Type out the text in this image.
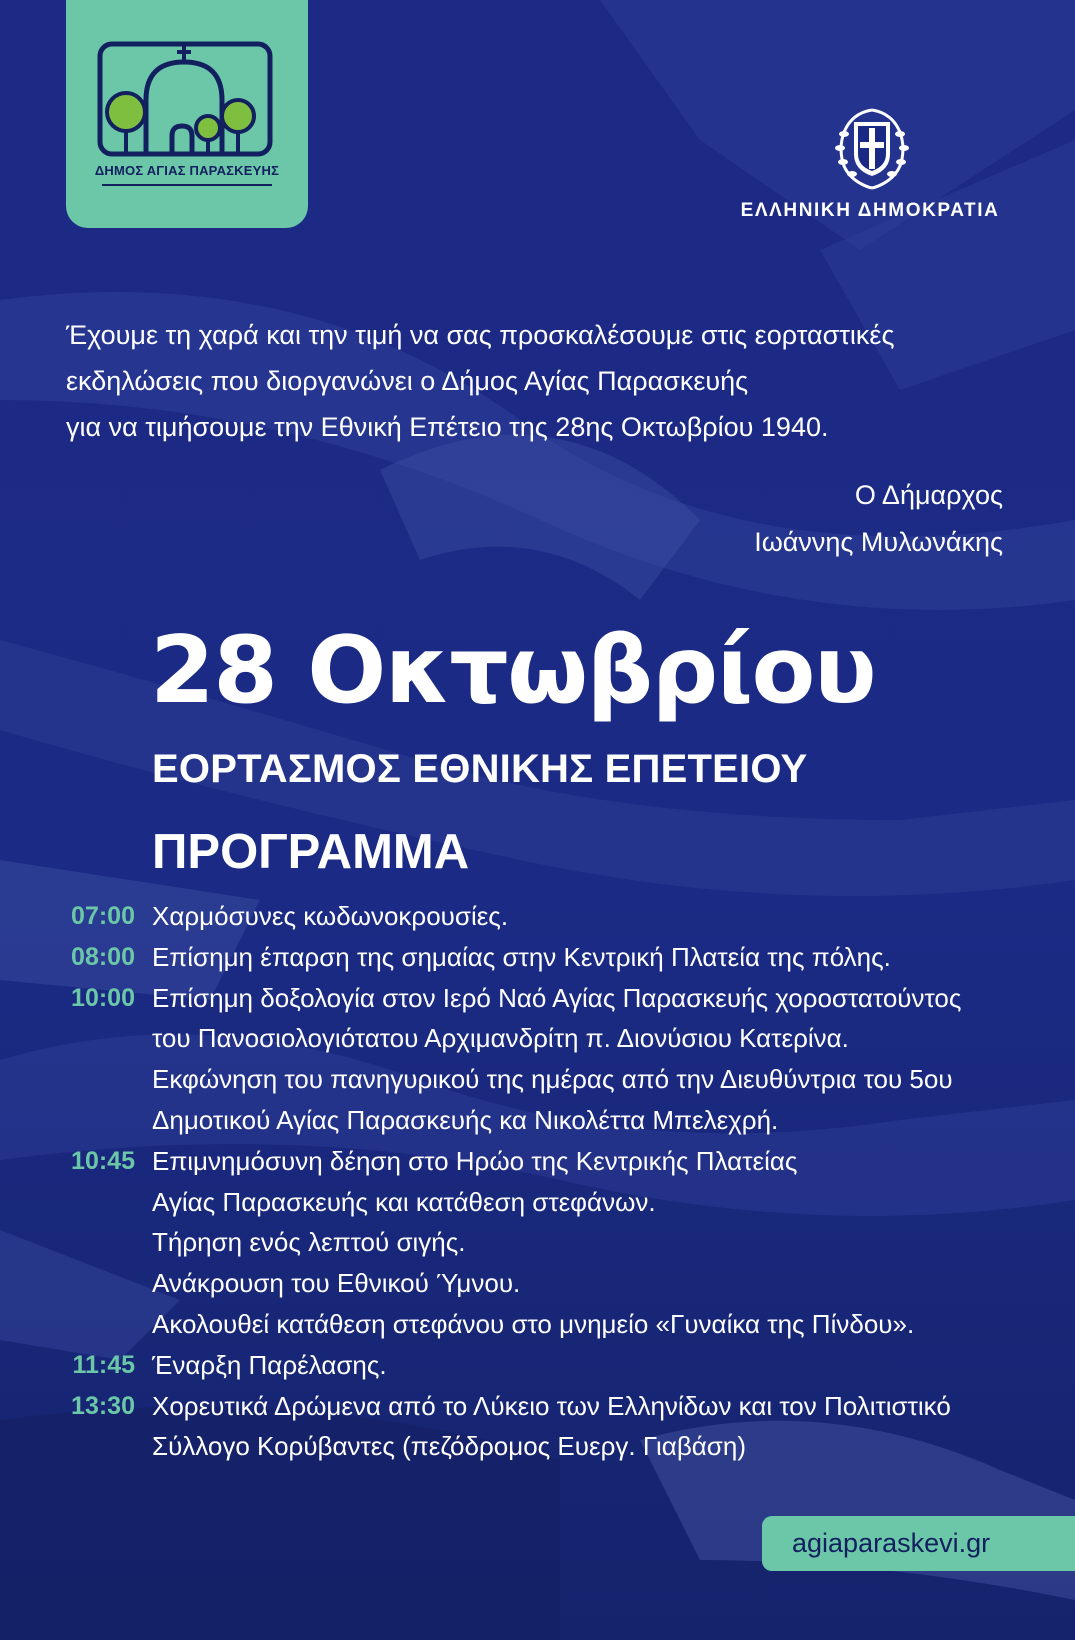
ΔΗΜΟΣ ΑΓΙΑΣ ΠΑΡΑΣΚΕΥΗΣ
ΕΛΛΗΝΙΚΗ ΔΗΜΟΚΡΑΤΙΑ
Έχουμε τη χαρά και την τιμή να σας προσκαλέσουμε στις εορταστικές
εκδηλώσεις που διοργανώνει ο Δήμος Αγίας Παρασκευής
για να τιμήσουμε την Εθνική Επέτειο της 28ης Οκτωβρίου 1940.
Ο Δήμαρχος
Ιωάννης Μυλωνάκης
28 Οκτωβρίου
ΕΟΡΤΑΣΜΟΣ ΕΘΝΙΚΗΣ ΕΠΕΤΕΙΟΥ
ΠΡΟΓΡΑΜΜΑ
07:00 Χαρμόσυνες κωδωνοκρουσίες.
08:00 Επίσημη έπαρση της σημαίας στην Κεντρική Πλατεία της πόλης.
10:00 Επίσημη δοξολογία στον Ιερό Ναό Αγίας Παρασκευής χοροστατούντος
του Πανοσιολογιότατου Αρχιμανδρίτη π. Διονύσιου Κατερίνα.
Εκφώνηση του πανηγυρικού της ημέρας από την Διευθύντρια του 5ου
Δημοτικού Αγίας Παρασκευής κα Νικολέττα Μπελεχρή.
10:45 Επιμνημόσυνη δέηση στο Ηρώο της Κεντρικής Πλατείας
Αγίας Παρασκευής και κατάθεση στεφάνων.
Τήρηση ενός λεπτού σιγής.
Ανάκρουση του Εθνικού Ύμνου.
Ακολουθεί κατάθεση στεφάνου στο μνημείο «Γυναίκα της Πίνδου».
11:45 Έναρξη Παρέλασης.
13:30 Χορευτικά Δρώμενα από το Λύκειο των Ελληνίδων και τον Πολιτιστικό
Σύλλογο Κορύβαντες (πεζόδρομος Ευεργ. Γιαβάση)
agiaparaskevi.gr
